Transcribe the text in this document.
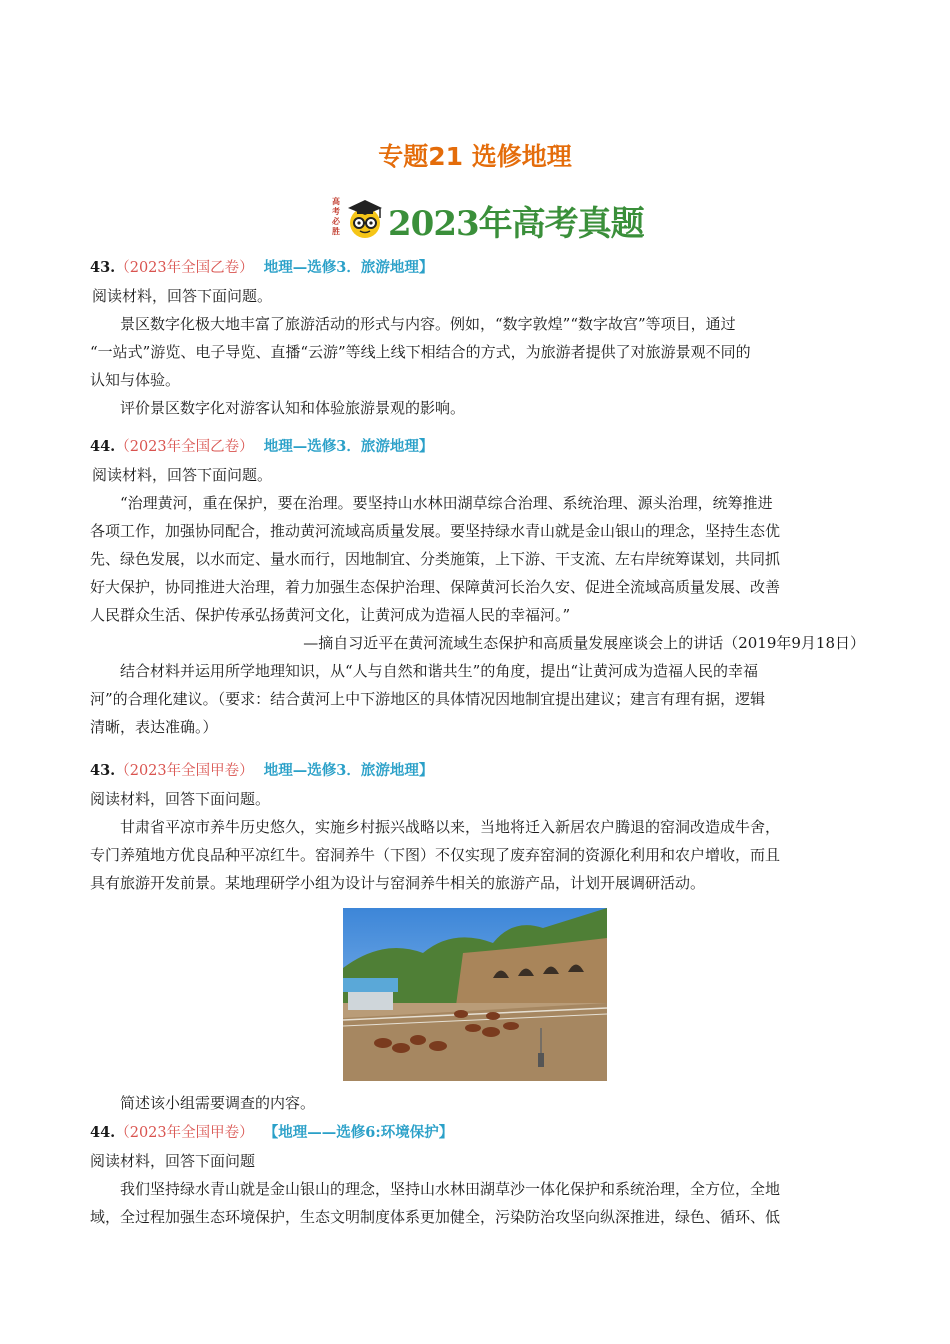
专题21 选修地理
高考必胜 2023年高考真题
43.（2023年全国乙卷） 地理—选修3．旅游地理】
阅读材料，回答下面问题。
景区数字化极大地丰富了旅游活动的形式与内容。例如，“数字敦煌”“数字故宫”等项目，通过
“一站式”游览、电子导览、直播“云游”等线上线下相结合的方式，为旅游者提供了对旅游景观不同的
认知与体验。
评价景区数字化对游客认知和体验旅游景观的影响。
44.（2023年全国乙卷） 地理—选修3．旅游地理】
阅读材料，回答下面问题。
“治理黄河，重在保护，要在治理。要坚持山水林田湖草综合治理、系统治理、源头治理，统筹推进
各项工作，加强协同配合，推动黄河流域高质量发展。要坚持绿水青山就是金山银山的理念，坚持生态优
先、绿色发展，以水而定、量水而行，因地制宜、分类施策，上下游、干支流、左右岸统筹谋划，共同抓
好大保护，协同推进大治理，着力加强生态保护治理、保障黄河长治久安、促进全流域高质量发展、改善
人民群众生活、保护传承弘扬黄河文化，让黄河成为造福人民的幸福河。”
—摘自习近平在黄河流域生态保护和高质量发展座谈会上的讲话（2019年9月18日）
结合材料并运用所学地理知识，从“人与自然和谐共生”的角度，提出“让黄河成为造福人民的幸福
河”的合理化建议。（要求：结合黄河上中下游地区的具体情况因地制宜提出建议；建言有理有据，逻辑
清晰，表达准确。）
43.（2023年全国甲卷） 地理—选修3．旅游地理】
阅读材料，回答下面问题。
甘肃省平凉市养牛历史悠久，实施乡村振兴战略以来，当地将迁入新居农户腾退的窑洞改造成牛舍，
专门养殖地方优良品种平凉红牛。窑洞养牛（下图）不仅实现了废弃窑洞的资源化利用和农户增收，而且
具有旅游开发前景。某地理研学小组为设计与窑洞养牛相关的旅游产品，计划开展调研活动。
简述该小组需要调查的内容。
44.（2023年全国甲卷） 【地理——选修6:环境保护】
阅读材料，回答下面问题
我们坚持绿水青山就是金山银山的理念，坚持山水林田湖草沙一体化保护和系统治理，全方位，全地
域，全过程加强生态环境保护，生态文明制度体系更加健全，污染防治攻坚向纵深推进，绿色、循环、低
